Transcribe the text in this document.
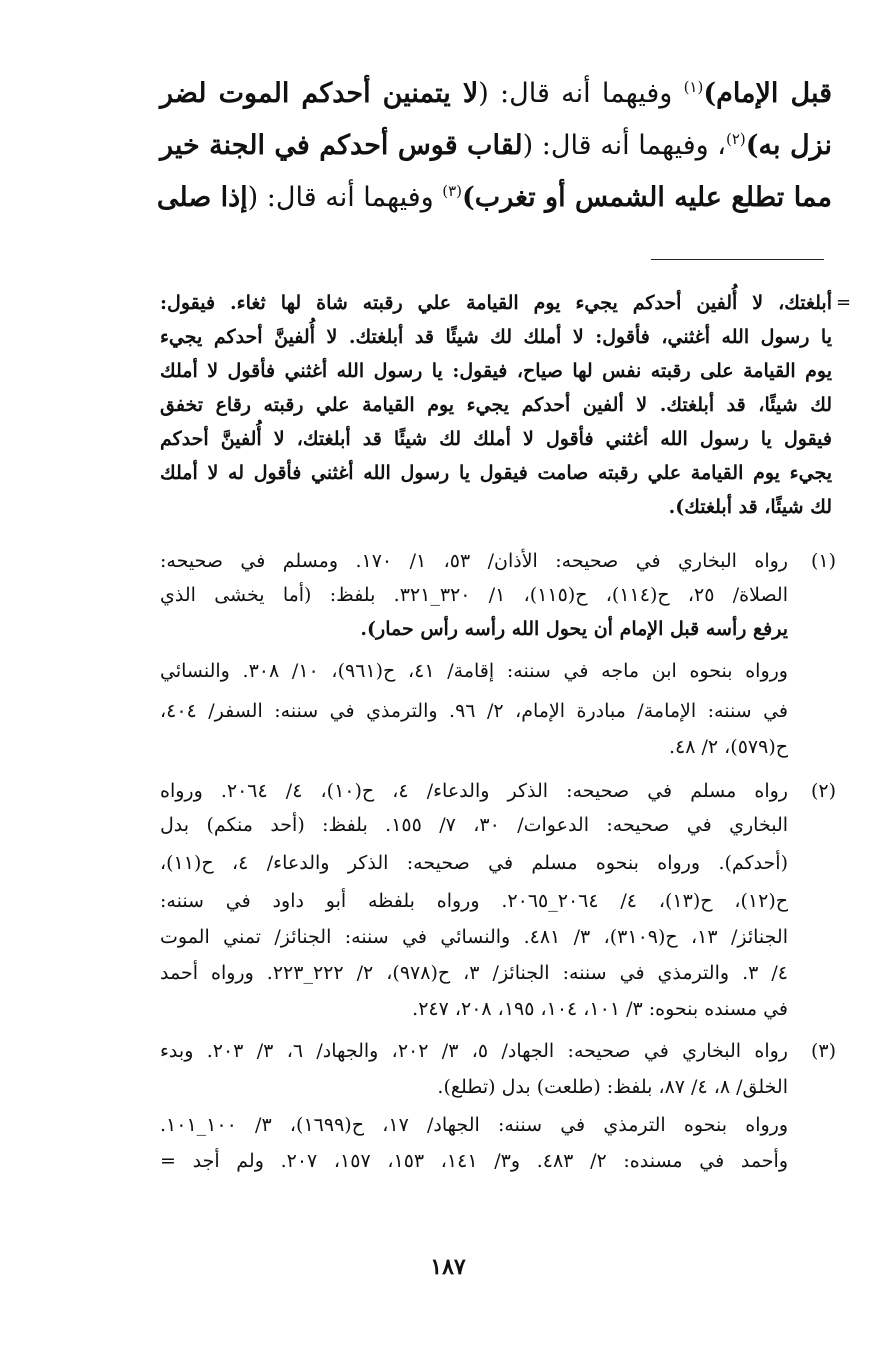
قبل الإمام)$^{(١)}$ وفيهما أنه قال: (لا يتمنين أحدكم الموت لضر
نزل به)$^{(٢)}$، وفيهما أنه قال: (لقاب قوس أحدكم في الجنة خير
مما تطلع عليه الشمس أو تغرب)$^{(٣)}$ وفيهما أنه قال: (إذا صلى
=
أبلغتك، لا أُلفين أحدكم يجيء يوم القيامة علي رقبته شاة لها ثغاء. فيقول:
يا رسول الله أغثني، فأقول: لا أملك لك شيئًا قد أبلغتك. لا أُلفينَّ أحدكم يجيء
يوم القيامة على رقبته نفس لها صياح، فيقول: يا رسول الله أغثني فأقول لا أملك
لك شيئًا، قد أبلغتك. لا ألفين أحدكم يجيء يوم القيامة علي رقبته رقاع تخفق
فيقول يا رسول الله أغثني فأقول لا أملك لك شيئًا قد أبلغتك، لا أُلفينَّ أحدكم
يجيء يوم القيامة علي رقبته صامت فيقول يا رسول الله أغثني فأقول له لا أملك
لك شيئًا، قد أبلغتك).
(١)
رواه البخاري في صحيحه: الأذان/ ٥٣، ١/ ١٧٠. ومسلم في صحيحه:
الصلاة/ ٢٥، ح(١١٤)، ح(١١٥)، ١/ ٣٢٠_٣٢١. بلفظ: (أما يخشى الذي
يرفع رأسه قبل الإمام أن يحول الله رأسه رأس حمار).
ورواه بنحوه ابن ماجه في سننه: إقامة/ ٤١، ح(٩٦١)، ١٠/ ٣٠٨. والنسائي
في سننه: الإمامة/ مبادرة الإمام، ٢/ ٩٦. والترمذي في سننه: السفر/ ٤٠٤،
ح(٥٧٩)، ٢/ ٤٨.
(٢)
رواه مسلم في صحيحه: الذكر والدعاء/ ٤، ح(١٠)، ٤/ ٢٠٦٤. ورواه
البخاري في صحيحه: الدعوات/ ٣٠، ٧/ ١٥٥. بلفظ: (أحد منكم) بدل
(أحدكم). ورواه بنحوه مسلم في صحيحه: الذكر والدعاء/ ٤، ح(١١)،
ح(١٢)، ح(١٣)، ٤/ ٢٠٦٤_٢٠٦٥. ورواه بلفظه أبو داود في سننه:
الجنائز/ ١٣، ح(٣١٠٩)، ٣/ ٤٨١. والنسائي في سننه: الجنائز/ تمني الموت
٤/ ٣. والترمذي في سننه: الجنائز/ ٣، ح(٩٧٨)، ٢/ ٢٢٢_٢٢٣. ورواه أحمد
في مسنده بنحوه: ٣/ ١٠١، ١٠٤، ١٩٥، ٢٠٨، ٢٤٧.
(٣)
رواه البخاري في صحيحه: الجهاد/ ٥، ٣/ ٢٠٢، والجهاد/ ٦، ٣/ ٢٠٣. وبدء
الخلق/ ٨، ٤/ ٨٧، بلفظ: (طلعت) بدل (تطلع).
ورواه بنحوه الترمذي في سننه: الجهاد/ ١٧، ح(١٦٩٩)، ٣/ ١٠٠_١٠١.
وأحمد في مسنده: ٢/ ٤٨٣. و٣/ ١٤١، ١٥٣، ١٥٧، ٢٠٧. ولم أجد =
١٨٧
